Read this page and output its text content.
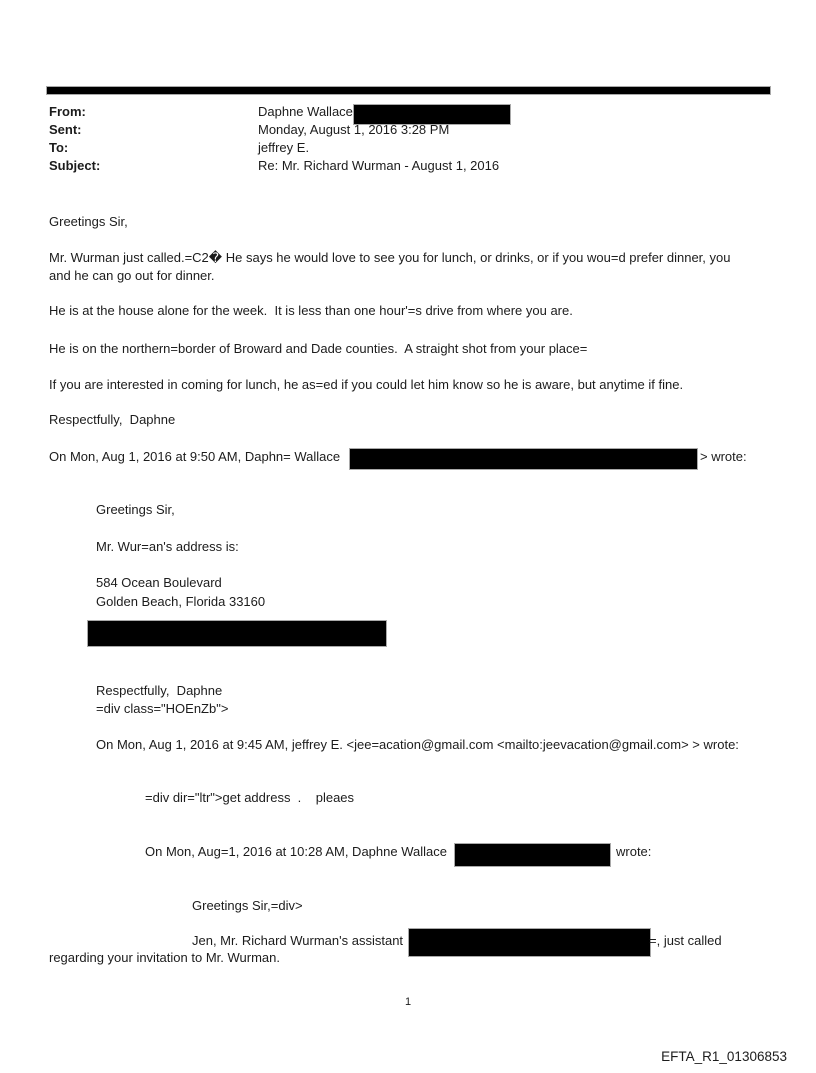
From:	Daphne Wallace
Sent:	Monday, August 1, 2016 3:28 PM
To:	jeffrey E.
Subject:	Re: Mr. Richard Wurman - August 1, 2016
Greetings Sir,
Mr. Wurman just called.=C2� He says he would love to see you for lunch, or drinks, or if you wou=d prefer dinner, you
and he can go out for dinner.
He is at the house alone for the week.  It is less than one hour'=s drive from where you are.
He is on the northern=border of Broward and Dade counties.  A straight shot from your place=
If you are interested in coming for lunch, he as=ed if you could let him know so he is aware, but anytime if fine.
Respectfully,  Daphne
On Mon, Aug 1, 2016 at 9:50 AM, Daphn= Wallace	> wrote:
Greetings Sir,
Mr. Wur=an's address is:
584 Ocean Boulevard
Golden Beach, Florida 33160
Respectfully,  Daphne
=div class="HOEnZb">
On Mon, Aug 1, 2016 at 9:45 AM, jeffrey E. <jee=acation@gmail.com <mailto:jeevacation@gmail.com> > wrote:
=div dir="ltr">get address  .    pleaes
On Mon, Aug=1, 2016 at 10:28 AM, Daphne Wallace	wrote:
Greetings Sir,=div>
Jen, Mr. Richard Wurman's assistant	=, just called
regarding your invitation to Mr. Wurman.
1
EFTA_R1_01306853
